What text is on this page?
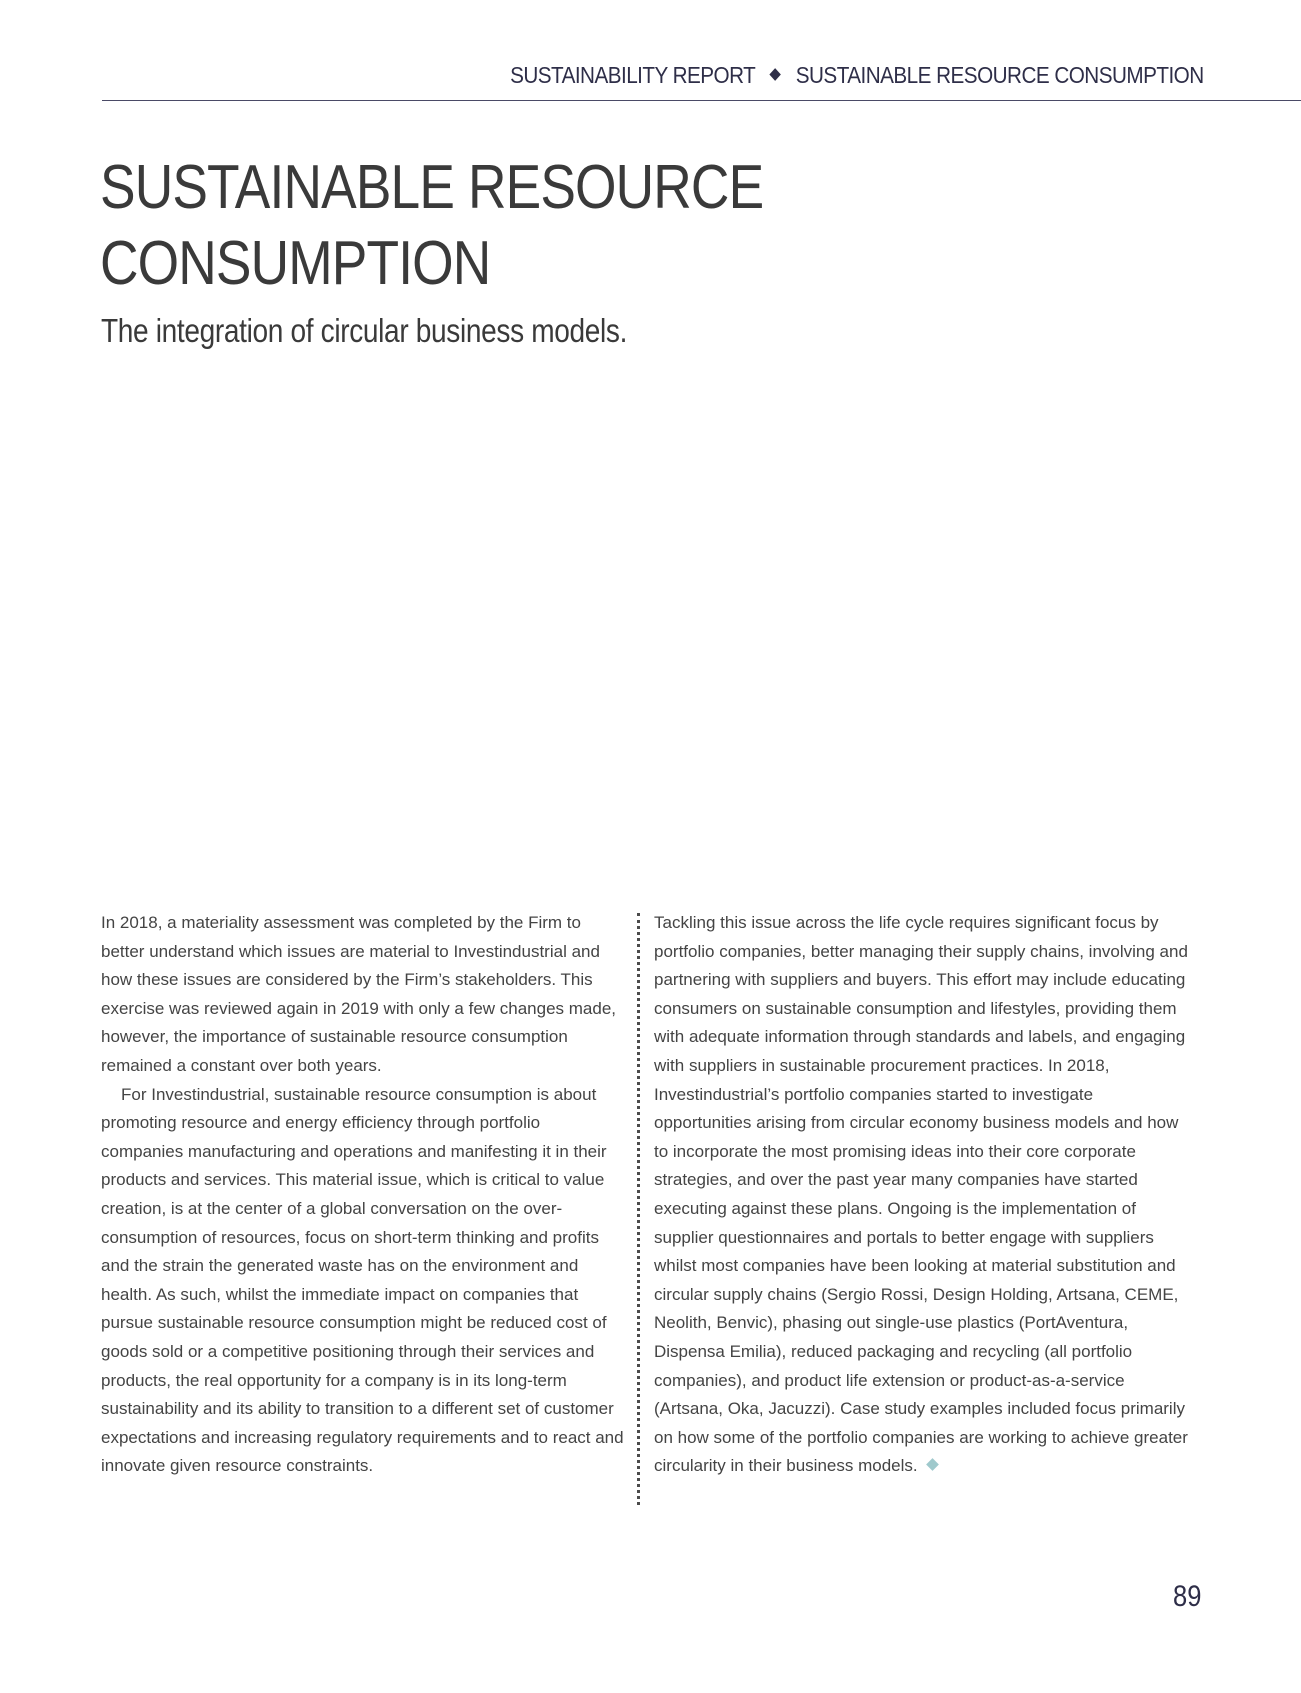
SUSTAINABILITY REPORT SUSTAINABLE RESOURCE CONSUMPTION
SUSTAINABLE RESOURCE
CONSUMPTION
The integration of circular business models.

In 2018, a materiality assessment was completed by the Firm to better understand which issues are material to Investindustrial and how these issues are considered by the Firm’s stakeholders. This exercise was reviewed again in 2019 with only a few changes made, however, the importance of sustainable resource consumption remained a constant over both years.

For Investindustrial, sustainable resource consumption is about promoting resource and energy efficiency through portfolio companies manufacturing and operations and manifesting it in their products and services. This material issue, which is critical to value creation, is at the center of a global conversation on the over-consumption of resources, focus on short-term thinking and profits and the strain the generated waste has on the environment and health. As such, whilst the immediate impact on companies that pursue sustainable resource consumption might be reduced cost of goods sold or a competitive positioning through their services and products, the real opportunity for a company is in its long-term sustainability and its ability to transition to a different set of customer expectations and increasing regulatory requirements and to react and innovate given resource constraints.

Tackling this issue across the life cycle requires significant focus by portfolio companies, better managing their supply chains, involving and partnering with suppliers and buyers. This effort may include educating consumers on sustainable consumption and lifestyles, providing them with adequate information through standards and labels, and engaging with suppliers in sustainable procurement practices. In 2018, Investindustrial’s portfolio companies started to investigate opportunities arising from circular economy business models and how to incorporate the most promising ideas into their core corporate strategies, and over the past year many companies have started executing against these plans. Ongoing is the implementation of supplier questionnaires and portals to better engage with suppliers whilst most companies have been looking at material substitution and circular supply chains (Sergio Rossi, Design Holding, Artsana, CEME, Neolith, Benvic), phasing out single-use plastics (PortAventura, Dispensa Emilia), reduced packaging and recycling (all portfolio companies), and product life extension or product-as-a-service (Artsana, Oka, Jacuzzi). Case study examples included focus primarily on how some of the portfolio companies are working to achieve greater circularity in their business models.

89
